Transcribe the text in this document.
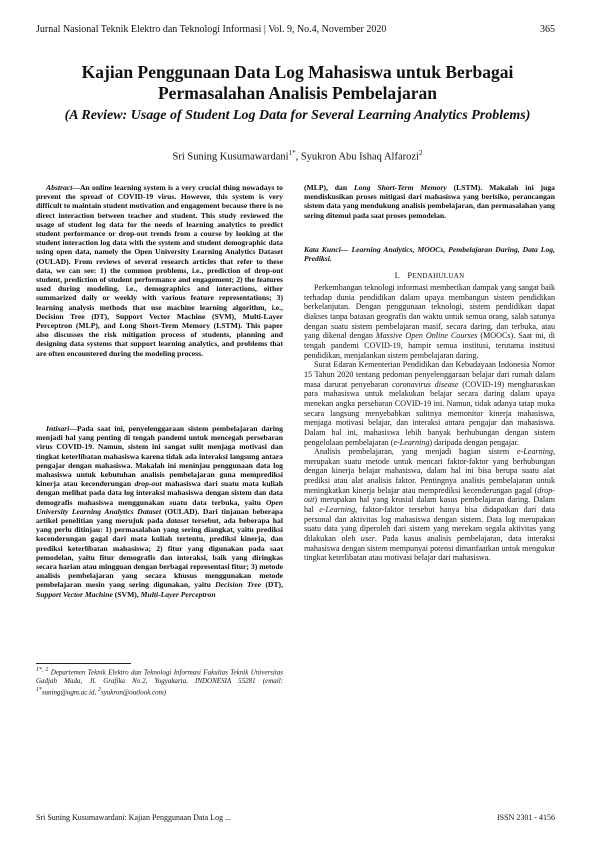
Jurnal Nasional Teknik Elektro dan Teknologi Informasi | Vol. 9, No.4, November 2020	365
Kajian Penggunaan Data Log Mahasiswa untuk Berbagai Permasalahan Analisis Pembelajaran
(A Review: Usage of Student Log Data for Several Learning Analytics Problems)
Sri Suning Kusumawardani$^{1*}$, Syukron Abu Ishaq Alfarozi$^2$
Abstract—An online learning system is a very crucial thing nowadays to prevent the spread of COVID-19 virus. However, this system is very difficult to maintain student motivation and engagement because there is no direct interaction between teacher and student. This study reviewed the usage of student log data for the needs of learning analytics to predict student performance or drop-out trends from a course by looking at the student interaction log data with the system and student demographic data using open data, namely the Open University Learning Analytics Dataset (OULAD). From reviews of several research articles that refer to these data, we can see: 1) the common problems, i.e., prediction of drop-out student, prediction of student performance and engagement; 2) the features used during modeling, i.e., demographics and interactions, either summarized daily or weekly with various feature representations; 3) learning analysis methods that use machine learning algorithm, i.e., Decision Tree (DT), Support Vector Machine (SVM), Multi-Layer Perceptron (MLP), and Long Short-Term Memory (LSTM). This paper also discusses the risk mitigation process of students, planning and designing data systems that support learning analytics, and problems that are often encountered during the modeling process.
Intisari—Pada saat ini, penyelenggaraan sistem pembelajaran daring menjadi hal yang penting di tengah pandemi untuk mencegah persebaran virus COVID-19. Namun, sistem ini sangat sulit menjaga motivasi dan tingkat keterlibatan mahasiswa karena tidak ada interaksi langsung antara pengajar dengan mahasiswa. Makalah ini meninjau penggunaan data log mahasiswa untuk kebutuhan analisis pembelajaran guna memprediksi kinerja atau kecenderungan drop-out mahasiswa dari suatu mata kuliah dengan melihat pada data log interaksi mahasiswa dengan sistem dan data demografis mahasiswa menggunakan suatu data terbuka, yaitu Open University Learning Analytics Dataset (OULAD). Dari tinjauan beberapa artikel penelitian yang merujuk pada dataset tersebut, ada beberapa hal yang perlu ditinjau: 1) permasalahan yang sering diangkat, yaitu prediksi kecenderungan gagal dari mata kuliah tertentu, prediksi kinerja, dan prediksi keterlibatan mahasiswa; 2) fitur yang digunakan pada saat pemodelan, yaitu fitur demografis dan interaksi, baik yang diringkas secara harian atau mingguan dengan berbagai representasi fitur; 3) metode analisis pembelajaran yang secara khusus menggunakan metode pembelajaran mesin yang sering digunakan, yaitu Decision Tree (DT), Support Vector Machine (SVM), Multi-Layer Perceptron
$^{1*, 2}$ Departemen Teknik Elektro dan Teknologi Informasi Fakultas Teknik Universitas Gadjah Mada, Jl. Grafika No.2, Yogyakarta, INDONESIA 55281 (email: $^{1*}$suning@ugm.ac.id, $^2$syukron@outlook.com)
(MLP), dan Long Short-Term Memory (LSTM). Makalah ini juga mendiskusikan proses mitigasi dari mahasiswa yang berisiko, perancangan sistem data yang mendukung analisis pembelajaran, dan permasalahan yang sering ditemui pada saat proses pemodelan.
Kata Kunci— Learning Analytics, MOOCs, Pembelajaran Daring, Data Log, Prediksi.
I. PENDAHULUAN

Perkembangan teknologi informasi memberikan dampak yang sangat baik terhadap dunia pendidikan dalam upaya membangun sistem pendidikan berkelanjutan. Dengan penggunaan teknologi, sistem pendidikan dapat diakses tanpa batasan geografis dan waktu untuk semua orang, salah satunya dengan suatu sistem pembelajaran masif, secara daring, dan terbuka, atau yang dikenal dengan Massive Open Online Courses (MOOCs). Saat ini, di tengah pandemi COVID-19, hampir semua institusi, terutama institusi pendidikan, menjalankan sistem pembelajaran daring.

Surat Edaran Kementerian Pendidikan dan Kebudayaan Indonesia Nomor 15 Tahun 2020 tentang pedoman penyelenggaraan belajar dari rumah dalam masa darurat penyebaran coronavirus disease (COVID-19) mengharuskan para mahasiswa untuk melakukan belajar secara daring dalam upaya menekan angka persebaran COVID-19 ini. Namun, tidak adanya tatap muka secara langsung menyebabkan sulitnya memonitor kinerja mahasiswa, menjaga motivasi belajar, dan interaksi antara pengajar dan mahasiswa. Dalam hal ini, mahasiswa lebih banyak berhubungan dengan sistem pengelolaan pembelajaran (e-Learning) daripada dengan pengajar.

Analisis pembelajaran, yang menjadi bagian sistem e-Learning, merupakan suatu metode untuk mencari faktor-faktor yang berhubungan dengan kinerja belajar mahasiswa, dalam hal ini bisa berupa suatu alat prediksi atau alat analisis faktor. Pentingnya analisis pembelajaran untuk meningkatkan kinerja belajar atau memprediksi kecenderungan gagal (drop-out) merupakan hal yang krusial dalam kasus pembelajaran daring. Dalam hal e-Learning, faktor-faktor tersebut hanya bisa didapatkan dari data personal dan aktivitas log mahasiswa dengan sistem. Data log merupakan suatu data yang diperoleh dari sistem yang merekam segala aktivitas yang dilakukan oleh user. Pada kasus analisis pembelajaran, data interaksi mahasiswa dengan sistem mempunyai potensi dimanfaatkan untuk mengukur tingkat keterlibatan atau motivasi belajar dari mahasiswa.

Sri Suning Kusumawardani: Kajian Penggunaan Data Log ...	ISSN 2301 - 4156
